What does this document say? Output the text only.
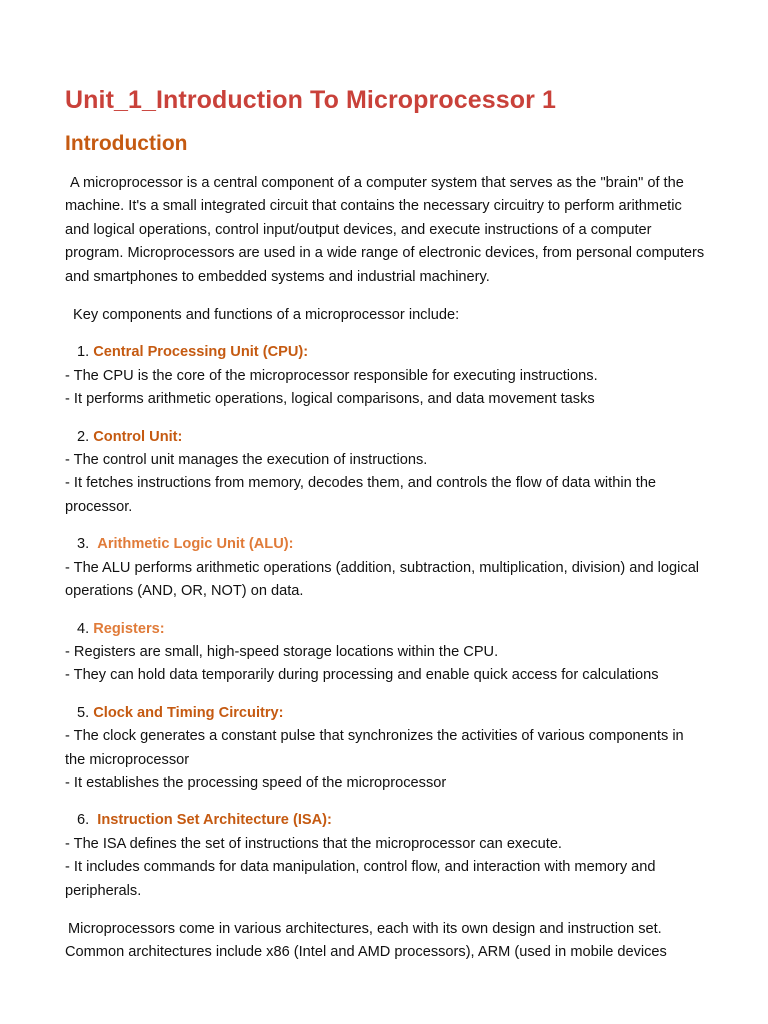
Unit_1_Introduction To Microprocessor 1
Introduction

A microprocessor is a central component of a computer system that serves as the "brain" of the machine. It's a small integrated circuit that contains the necessary circuitry to perform arithmetic and logical operations, control input/output devices, and execute instructions of a computer program. Microprocessors are used in a wide range of electronic devices, from personal computers and smartphones to embedded systems and industrial machinery.

Key components and functions of a microprocessor include:

1. Central Processing Unit (CPU):

- The CPU is the core of the microprocessor responsible for executing instructions.

- It performs arithmetic operations, logical comparisons, and data movement tasks

2. Control Unit:

- The control unit manages the execution of instructions.

- It fetches instructions from memory, decodes them, and controls the flow of data within the processor.

3. Arithmetic Logic Unit (ALU):

- The ALU performs arithmetic operations (addition, subtraction, multiplication, division) and logical operations (AND, OR, NOT) on data.

4. Registers:

- Registers are small, high-speed storage locations within the CPU.

- They can hold data temporarily during processing and enable quick access for calculations

5. Clock and Timing Circuitry:

- The clock generates a constant pulse that synchronizes the activities of various components in the microprocessor

- It establishes the processing speed of the microprocessor

6. Instruction Set Architecture (ISA):

- The ISA defines the set of instructions that the microprocessor can execute.

- It includes commands for data manipulation, control flow, and interaction with memory and peripherals.

Microprocessors come in various architectures, each with its own design and instruction set. Common architectures include x86 (Intel and AMD processors), ARM (used in mobile devices
